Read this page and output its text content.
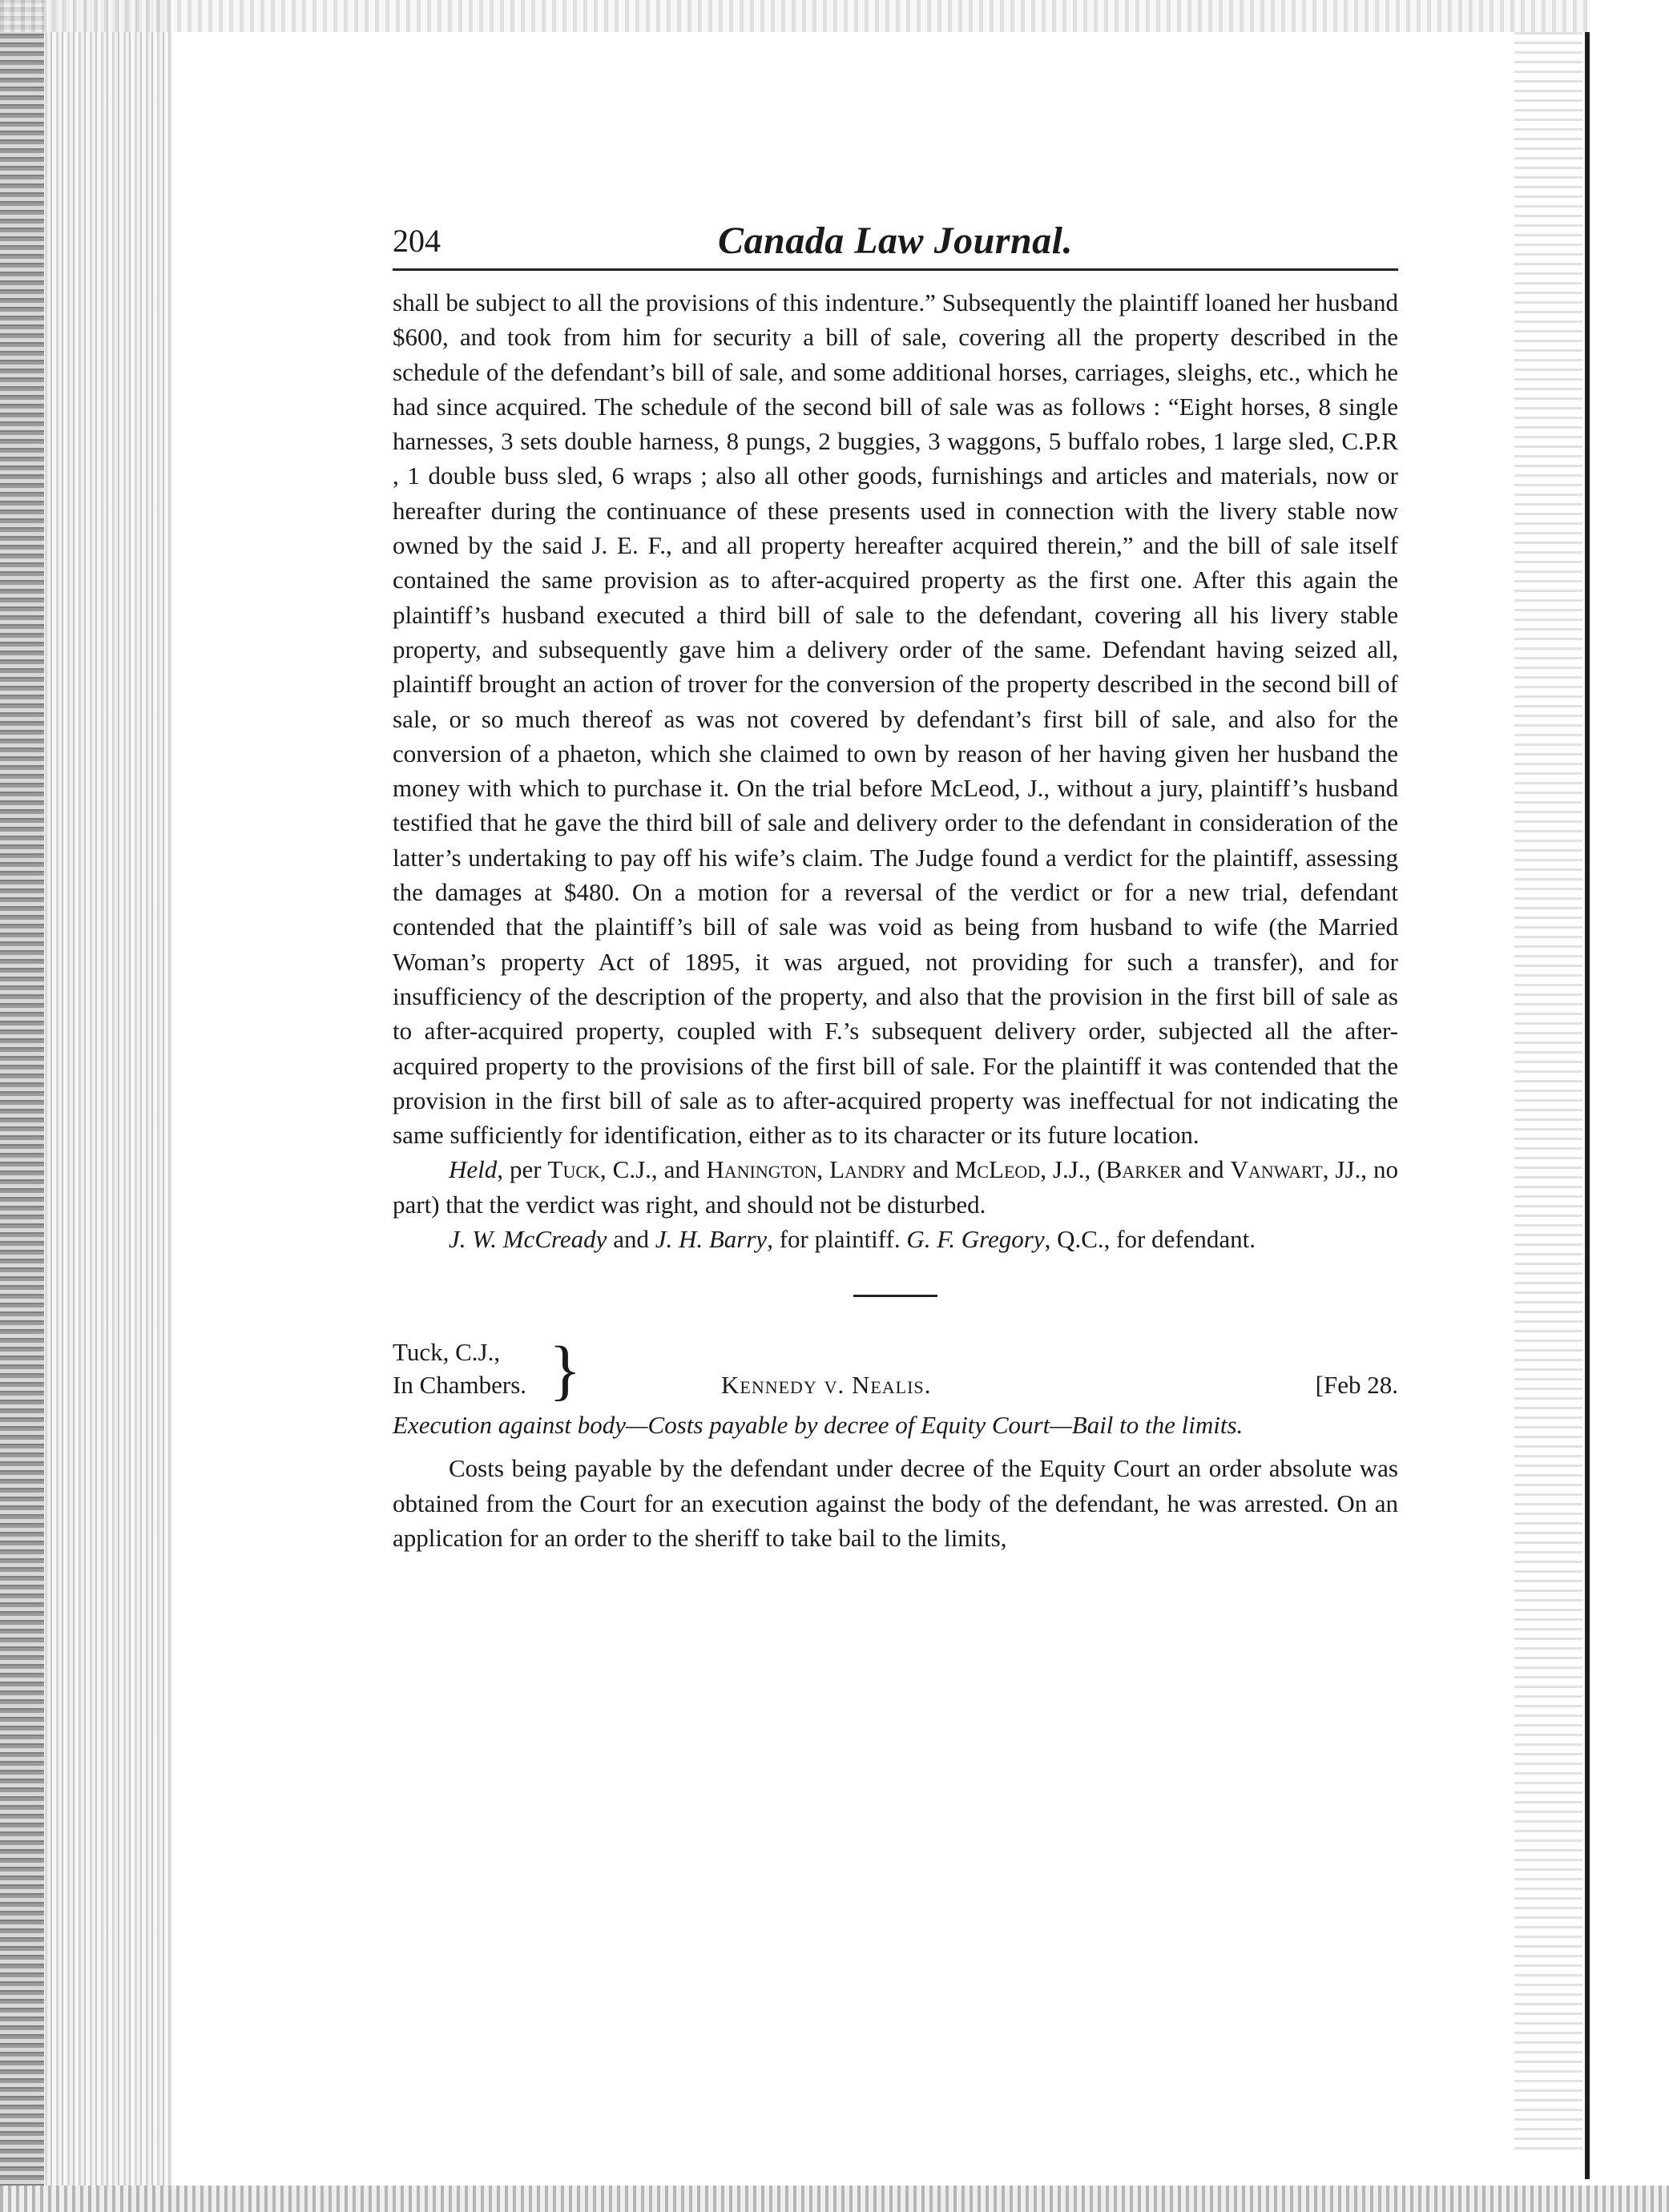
204	Canada Law Journal.

shall be subject to all the provisions of this indenture.” Subsequently the plaintiff loaned her husband $600, and took from him for security a bill of sale, covering all the property described in the schedule of the defendant’s bill of sale, and some additional horses, carriages, sleighs, etc., which he had since acquired. The schedule of the second bill of sale was as follows : “Eight horses, 8 single harnesses, 3 sets double harness, 8 pungs, 2 buggies, 3 waggons, 5 buffalo robes, 1 large sled, C.P.R , 1 double buss sled, 6 wraps ; also all other goods, furnishings and articles and materials, now or hereafter during the continuance of these presents used in connection with the livery stable now owned by the said J. E. F., and all property hereafter acquired therein,” and the bill of sale itself contained the same provision as to after-acquired property as the first one. After this again the plaintiff’s husband executed a third bill of sale to the defendant, covering all his livery stable property, and subsequently gave him a delivery order of the same. Defendant having seized all, plaintiff brought an action of trover for the conversion of the property described in the second bill of sale, or so much thereof as was not covered by defendant’s first bill of sale, and also for the conversion of a phaeton, which she claimed to own by reason of her having given her husband the money with which to purchase it. On the trial before McLeod, J., without a jury, plaintiff’s husband testified that he gave the third bill of sale and delivery order to the defendant in consideration of the latter’s undertaking to pay off his wife’s claim. The Judge found a verdict for the plaintiff, assessing the damages at $480. On a motion for a reversal of the verdict or for a new trial, defendant contended that the plaintiff’s bill of sale was void as being from husband to wife (the Married Woman’s property Act of 1895, it was argued, not providing for such a transfer), and for insufficiency of the description of the property, and also that the provision in the first bill of sale as to after-acquired property, coupled with F.’s subsequent delivery order, subjected all the after-acquired property to the provisions of the first bill of sale. For the plaintiff it was contended that the provision in the first bill of sale as to after-acquired property was ineffectual for not indicating the same sufficiently for identification, either as to its character or its future location.

Held, per Tuck, C.J., and Hanington, Landry and McLeod, J.J., (Barker and Vanwart, JJ., no part) that the verdict was right, and should not be disturbed.

J. W. McCready and J. H. Barry, for plaintiff. G. F. Gregory, Q.C., for defendant.

Tuck, C.J.,
In Chambers. }	Kennedy v. Nealis.	[Feb 28.
Execution against body—Costs payable by decree of Equity Court—Bail to the limits.

Costs being payable by the defendant under decree of the Equity Court an order absolute was obtained from the Court for an execution against the body of the defendant, he was arrested. On an application for an order to the sheriff to take bail to the limits,
